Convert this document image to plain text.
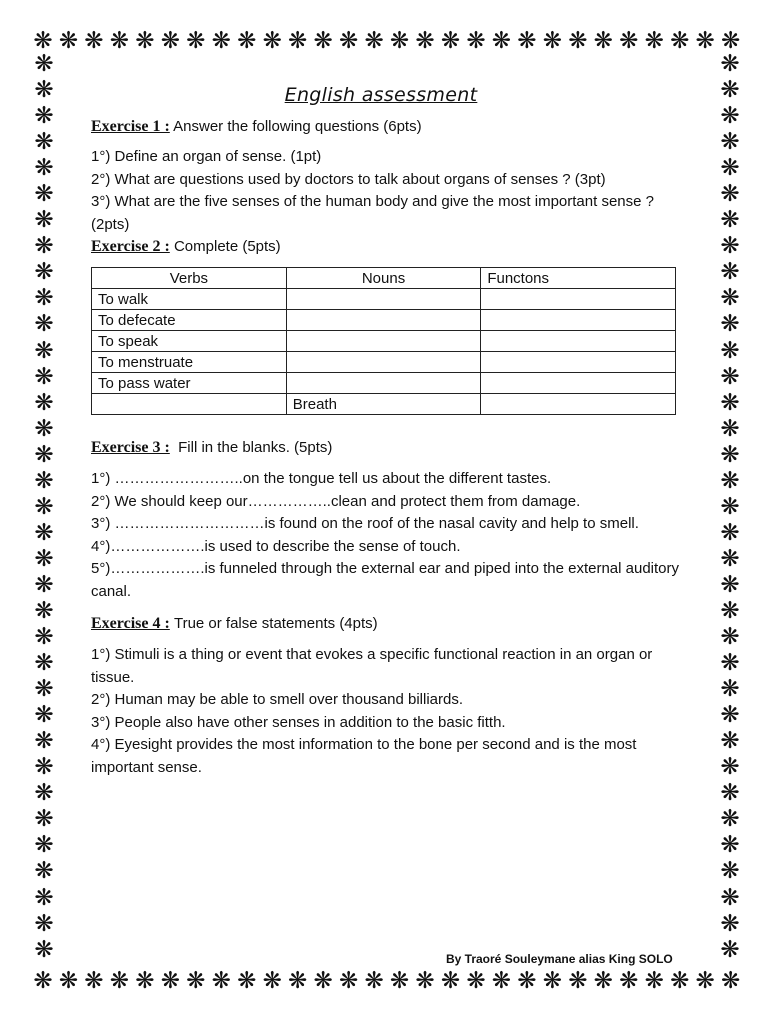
❋ ❋ ❋ ❋ ❋ ❋ ❋ ❋ ❋ ❋ ❋ ❋ ❋ ❋ ❋ ❋ ❋ ❋ ❋ ❋ ❋ ❋ ❋ ❋ ❋ ❋ ❋ ❋
❋ ❋ ❋ ❋ ❋ ❋ ❋ ❋ ❋ ❋ ❋ ❋ ❋ ❋ ❋ ❋ ❋ ❋ ❋ ❋ ❋ ❋ ❋ ❋ ❋ ❋ ❋ ❋
❋
❋
❋
❋
❋
❋
❋
❋
❋
❋
❋
❋
❋
❋
❋
❋
❋
❋
❋
❋
❋
❋
❋
❋
❋
❋
❋
❋
❋
❋
❋
❋
❋
❋
❋
❋
❋
❋
❋
❋
❋
❋
❋
❋
❋
❋
❋
❋
❋
❋
❋
❋
❋
❋
❋
❋
❋
❋
❋
❋
❋
❋
❋
❋
❋
❋
❋
❋
❋
❋
English assessment

Exercise 1 : Answer the following questions (6pts)

1°) Define an organ of sense. (1pt)

2°) What are questions used by doctors to talk about organs of senses ? (3pt)

3°) What are the five senses of the human body and give the most important sense ? (2pts)

Exercise 2 : Complete (5pts)

Verbs	Nouns	Functons
To walk		
To defecate		
To speak		
To menstruate		
To pass water		
	Breath	

Exercise 3 : Fill in the blanks. (5pts)

1°) ……………………..on the tongue tell us about the different tastes.

2°) We should keep our……………..clean and protect them from damage.

3°) …………………………is found on the roof of the nasal cavity and help to smell.

4°)……………….is used to describe the sense of touch.

5°)……………….is funneled through the external ear and piped into the external auditory canal.

Exercise 4 : True or false statements (4pts)

1°) Stimuli is a thing or event that evokes a specific functional reaction in an organ or tissue.

2°) Human may be able to smell over thousand billiards.

3°) People also have other senses in addition to the basic fitth.

4°) Eyesight provides the most information to the bone per second and is the most important sense.

By Traoré Souleymane alias King SOLO
